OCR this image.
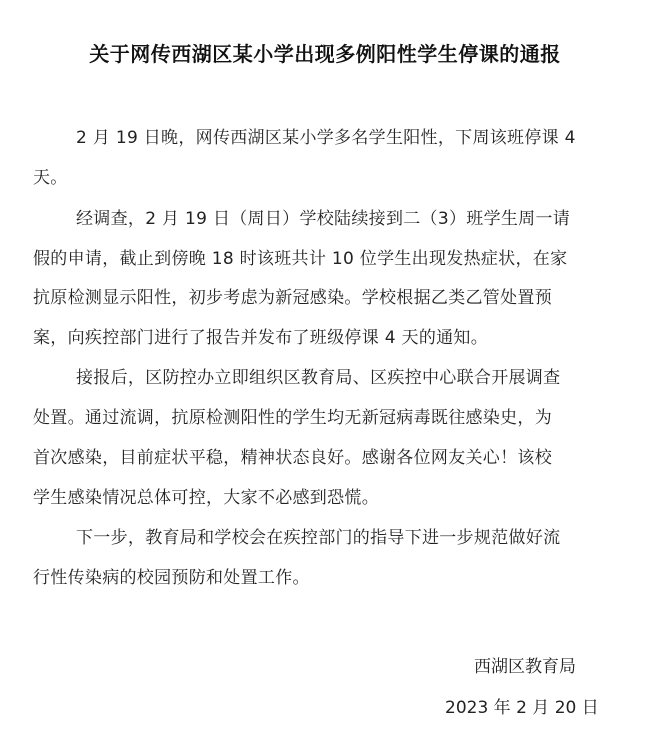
关于网传西湖区某小学出现多例阳性学生停课的通报
2 月 19 日晚，网传西湖区某小学多名学生阳性，下周该班停课 4
天。
经调查，2 月 19 日（周日）学校陆续接到二（3）班学生周一请
假的申请，截止到傍晚 18 时该班共计 10 位学生出现发热症状，在家
抗原检测显示阳性，初步考虑为新冠感染。学校根据乙类乙管处置预
案，向疾控部门进行了报告并发布了班级停课 4 天的通知。
接报后，区防控办立即组织区教育局、区疾控中心联合开展调查
处置。通过流调，抗原检测阳性的学生均无新冠病毒既往感染史，为
首次感染，目前症状平稳，精神状态良好。感谢各位网友关心！该校
学生感染情况总体可控，大家不必感到恐慌。
下一步，教育局和学校会在疾控部门的指导下进一步规范做好流
行性传染病的校园预防和处置工作。
西湖区教育局
2023 年 2 月 20 日
